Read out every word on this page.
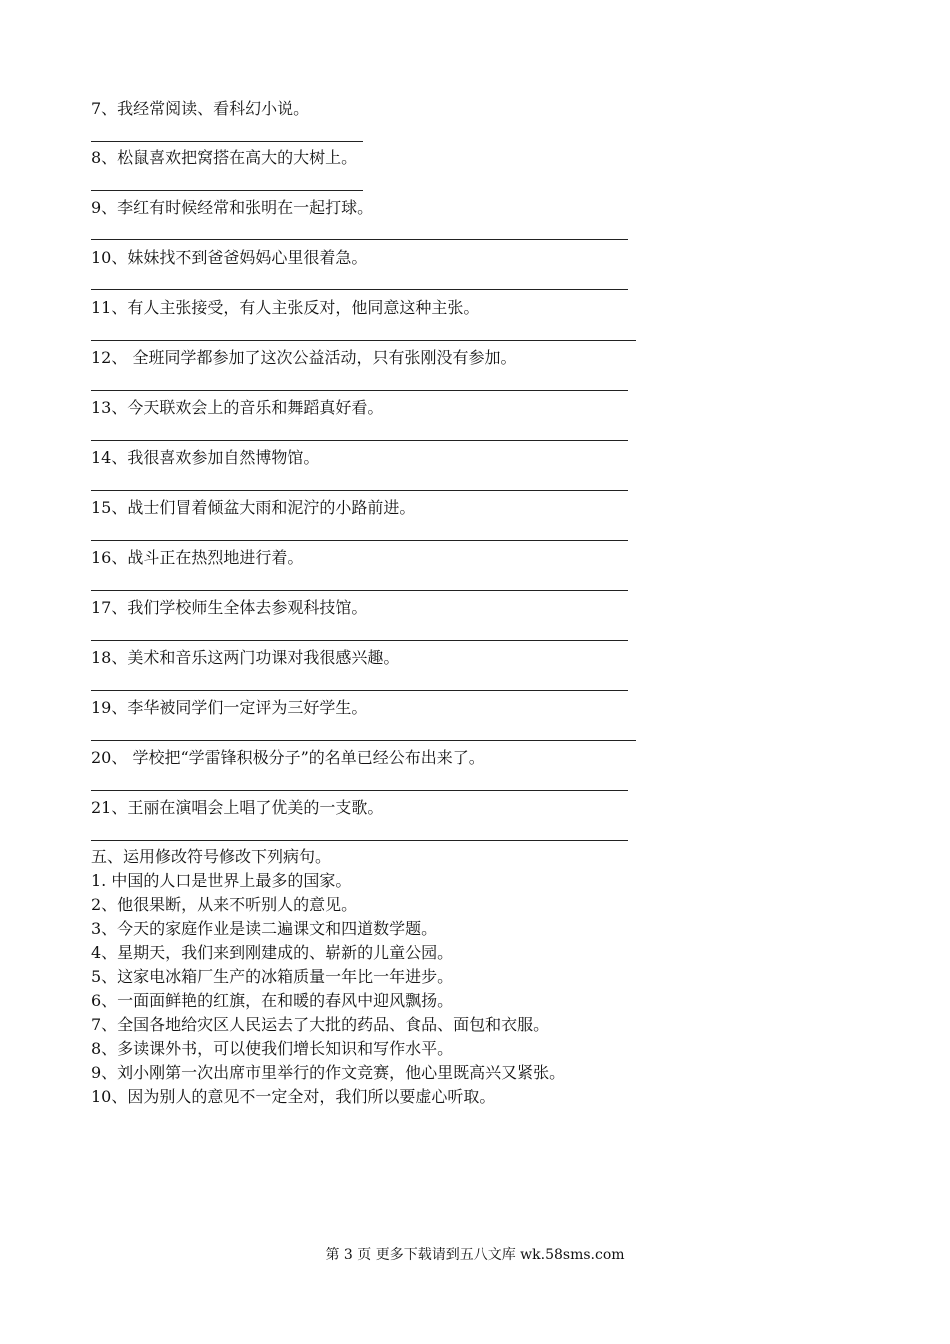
7、我经常阅读、看科幻小说。
8、松鼠喜欢把窝搭在高大的大树上。
9、李红有时候经常和张明在一起打球。
10、妹妹找不到爸爸妈妈心里很着急。
11、有人主张接受，有人主张反对，他同意这种主张。
12、 全班同学都参加了这次公益活动，只有张刚没有参加。
13、今天联欢会上的音乐和舞蹈真好看。
14、我很喜欢参加自然博物馆。
15、战士们冒着倾盆大雨和泥泞的小路前进。
16、战斗正在热烈地进行着。
17、我们学校师生全体去参观科技馆。
18、美术和音乐这两门功课对我很感兴趣。
19、李华被同学们一定评为三好学生。
20、 学校把“学雷锋积极分子”的名单已经公布出来了。
21、王丽在演唱会上唱了优美的一支歌。
五、运用修改符号修改下列病句。
1. 中国的人口是世界上最多的国家。
2、他很果断，从来不听别人的意见。
3、今天的家庭作业是读二遍课文和四道数学题。
4、星期天，我们来到刚建成的、崭新的儿童公园。
5、这家电冰箱厂生产的冰箱质量一年比一年进步。
6、一面面鲜艳的红旗，在和暖的春风中迎风飘扬。
7、全国各地给灾区人民运去了大批的药品、食品、面包和衣服。
8、多读课外书，可以使我们增长知识和写作水平。
9、刘小刚第一次出席市里举行的作文竞赛，他心里既高兴又紧张。
10、因为别人的意见不一定全对，我们所以要虚心听取。
第 3 页 更多下载请到五八文库 wk.58sms.com
